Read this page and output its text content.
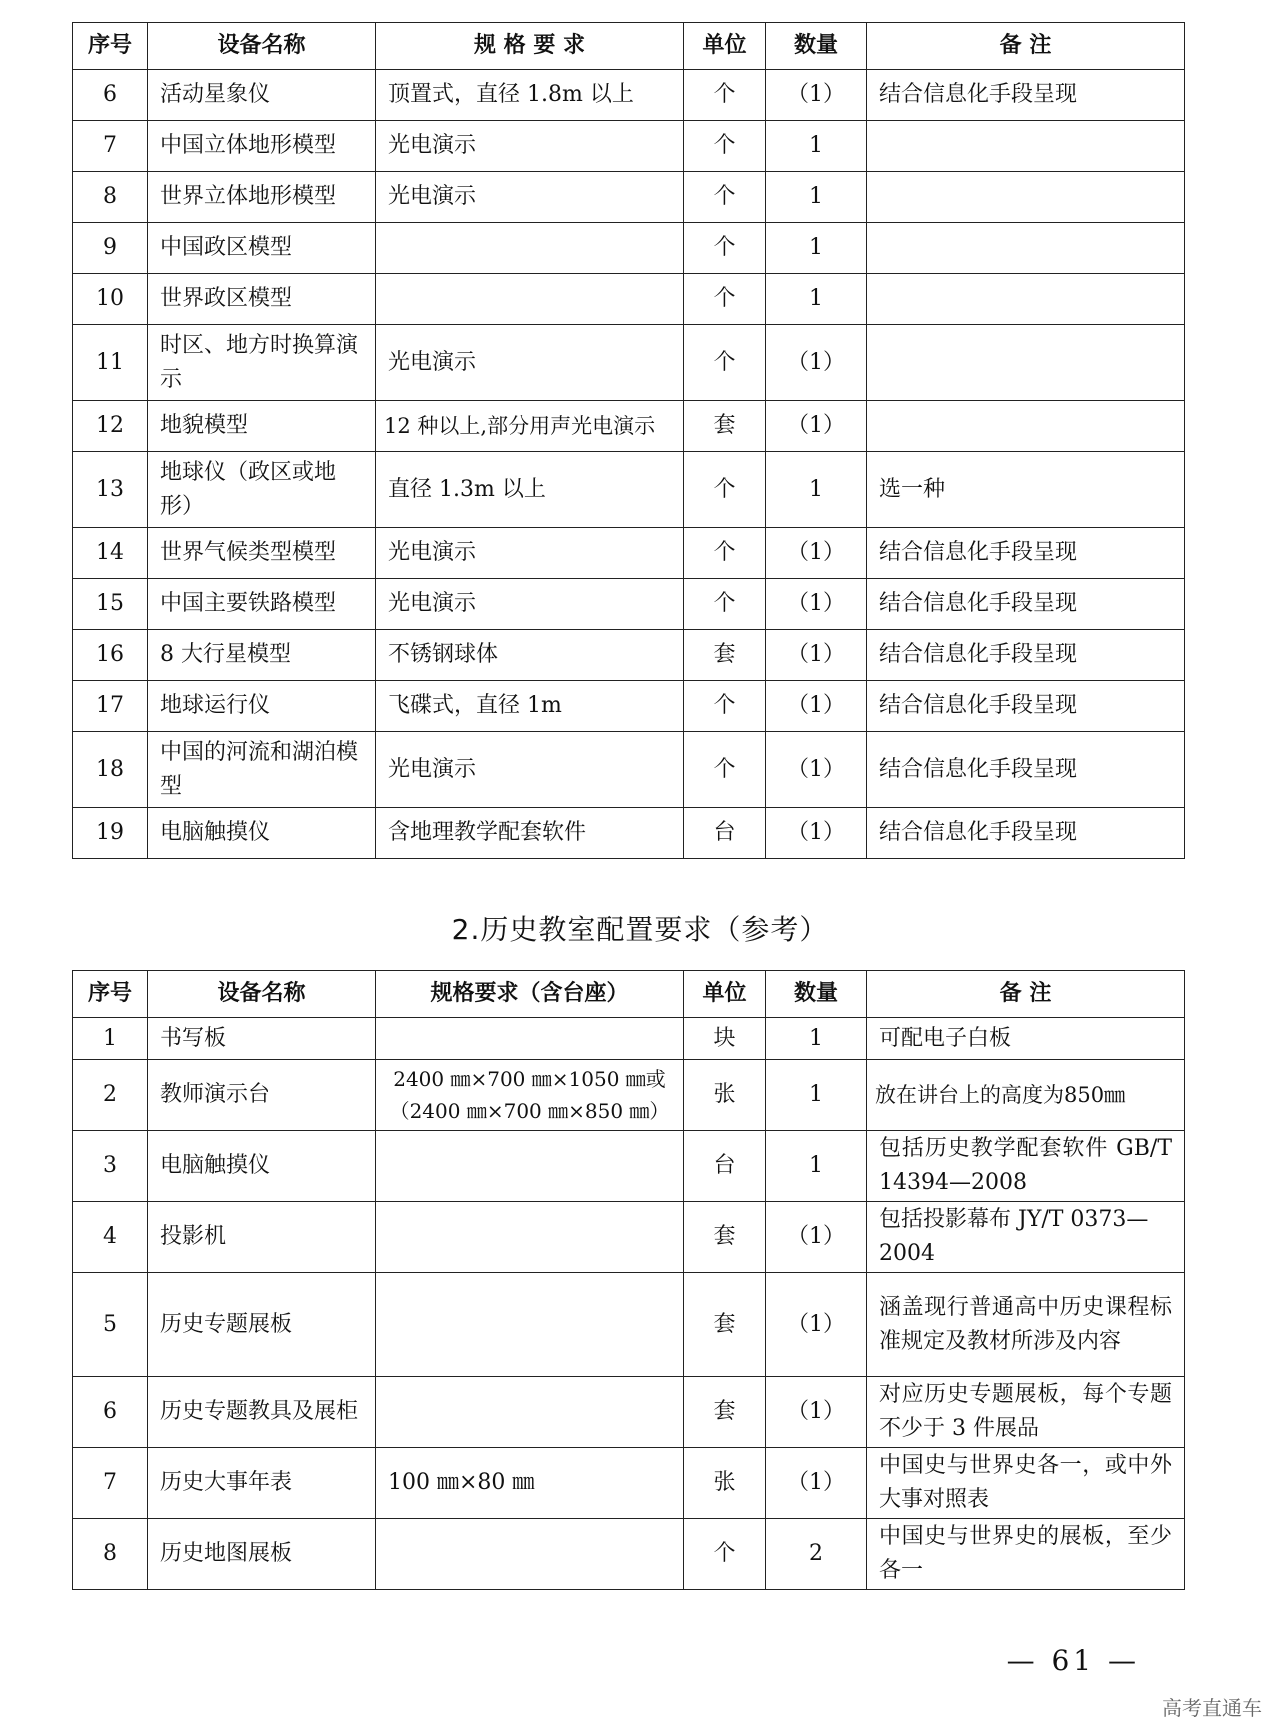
序号	设备名称	规 格 要 求	单位	数量	备 注
6	活动星象仪	顶置式，直径 1.8m 以上	个	（1）	结合信息化手段呈现
7	中国立体地形模型	光电演示	个	1	
8	世界立体地形模型	光电演示	个	1	
9	中国政区模型		个	1	
10	世界政区模型		个	1	
11	时区、地方时换算演示	光电演示	个	（1）	
12	地貌模型	12 种以上,部分用声光电演示	套	（1）	
13	地球仪（政区或地形）	直径 1.3m 以上	个	1	选一种
14	世界气候类型模型	光电演示	个	（1）	结合信息化手段呈现
15	中国主要铁路模型	光电演示	个	（1）	结合信息化手段呈现
16	8 大行星模型	不锈钢球体	套	（1）	结合信息化手段呈现
17	地球运行仪	飞碟式，直径 1m	个	（1）	结合信息化手段呈现
18	中国的河流和湖泊模型	光电演示	个	（1）	结合信息化手段呈现
19	电脑触摸仪	含地理教学配套软件	台	（1）	结合信息化手段呈现
2.历史教室配置要求（参考）
序号	设备名称	规格要求（含台座）	单位	数量	备 注
1	书写板		块	1	可配电子白板
2	教师演示台	2400 ㎜×700 ㎜×1050 ㎜或（2400 ㎜×700 ㎜×850 ㎜）	张	1	放在讲台上的高度为850㎜
3	电脑触摸仪		台	1	包括历史教学配套软件 GB/T 14394—2008
4	投影机		套	（1）	包括投影幕布 JY/T 0373—2004
5	历史专题展板		套	（1）	涵盖现行普通高中历史课程标准规定及教材所涉及内容
6	历史专题教具及展柜		套	（1）	对应历史专题展板，每个专题不少于 3 件展品
7	历史大事年表	100 ㎜×80 ㎜	张	（1）	中国史与世界史各一，或中外大事对照表
8	历史地图展板		个	2	中国史与世界史的展板，至少各一
— 61 —
高考直通车
